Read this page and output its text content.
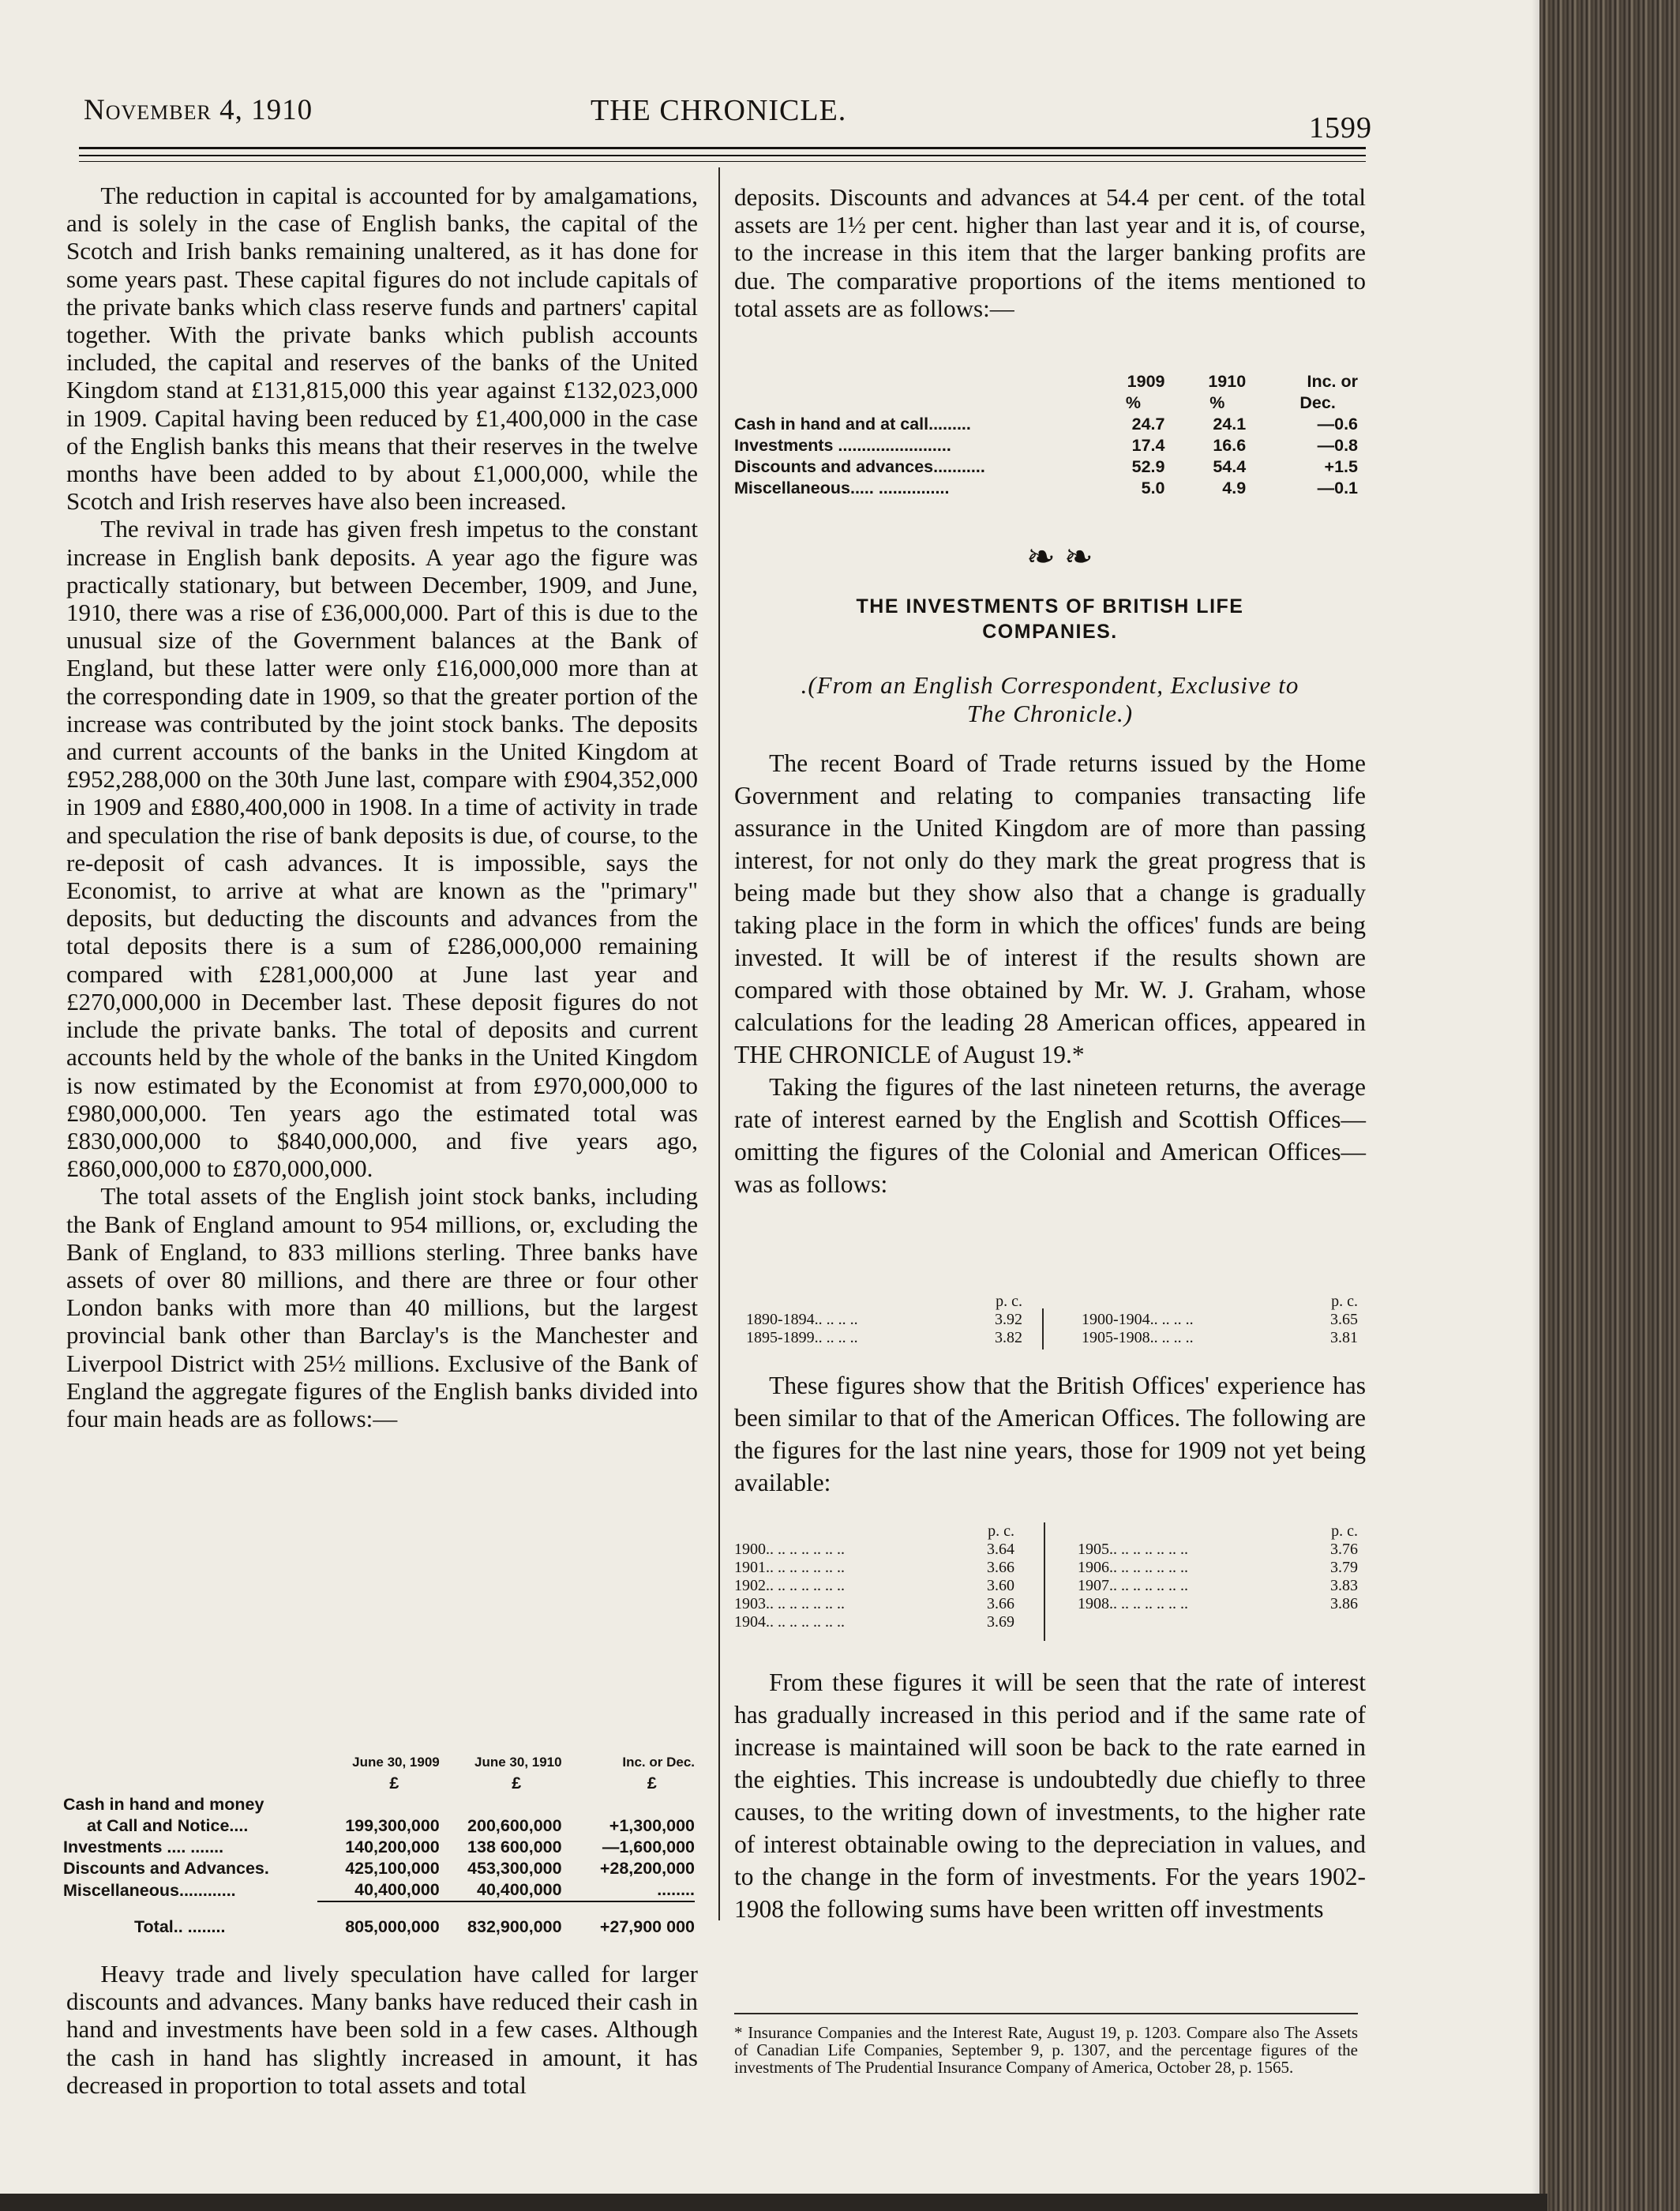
November 4, 1910	THE CHRONICLE.
1599

The reduction in capital is accounted for by amalgamations, and is solely in the case of English banks, the capital of the Scotch and Irish banks remaining unaltered, as it has done for some years past. These capital figures do not include capitals of the private banks which class reserve funds and partners' capital together. With the private banks which publish accounts included, the capital and reserves of the banks of the United Kingdom stand at £131,815,000 this year against £132,023,000 in 1909. Capital having been reduced by £1,400,000 in the case of the English banks this means that their reserves in the twelve months have been added to by about £1,000,000, while the Scotch and Irish reserves have also been increased.

The revival in trade has given fresh impetus to the constant increase in English bank deposits. A year ago the figure was practically stationary, but between December, 1909, and June, 1910, there was a rise of £36,000,000. Part of this is due to the unusual size of the Government balances at the Bank of England, but these latter were only £16,000,000 more than at the corresponding date in 1909, so that the greater portion of the increase was contributed by the joint stock banks. The deposits and current accounts of the banks in the United Kingdom at £952,288,000 on the 30th June last, compare with £904,352,000 in 1909 and £880,400,000 in 1908. In a time of activity in trade and speculation the rise of bank deposits is due, of course, to the re-deposit of cash advances. It is impossible, says the Economist, to arrive at what are known as the "primary" deposits, but deducting the discounts and advances from the total deposits there is a sum of £286,000,000 remaining compared with £281,000,000 at June last year and £270,000,000 in December last. These deposit figures do not include the private banks. The total of deposits and current accounts held by the whole of the banks in the United Kingdom is now estimated by the Economist at from £970,000,000 to £980,000,000. Ten years ago the estimated total was £830,000,000 to $840,000,000, and five years ago, £860,000,000 to £870,000,000.

The total assets of the English joint stock banks, including the Bank of England amount to 954 millions, or, excluding the Bank of England, to 833 millions sterling. Three banks have assets of over 80 millions, and there are three or four other London banks with more than 40 millions, but the largest provincial bank other than Barclay's is the Manchester and Liverpool District with 25½ millions. Exclusive of the Bank of England the aggregate figures of the English banks divided into four main heads are as follows:—

	June 30, 1909	June 30, 1910	Inc. or Dec.
	£	£	£
Cash in hand and money			
at Call and Notice....	199,300,000	200,600,000	+1,300,000
Investments .... .......	140,200,000	138 600,000	—1,600,000
Discounts and Advances.	425,100,000	453,300,000	+28,200,000
Miscellaneous............	40,400,000	40,400,000	........
Total.. ........	805,000,000	832,900,000	+27,900 000

Heavy trade and lively speculation have called for larger discounts and advances. Many banks have reduced their cash in hand and investments have been sold in a few cases. Although the cash in hand has slightly increased in amount, it has decreased in proportion to total assets and total

deposits. Discounts and advances at 54.4 per cent. of the total assets are 1½ per cent. higher than last year and it is, of course, to the increase in this item that the larger banking profits are due. The comparative proportions of the items mentioned to total assets are as follows:—

	1909	1910	Inc. or
	%	%	Dec.
Cash in hand and at call.........	24.7	24.1	—0.6
Investments ........................	17.4	16.6	—0.8
Discounts and advances...........	52.9	54.4	+1.5
Miscellaneous..... ...............	5.0	4.9	—0.1
❧ ❧
THE INVESTMENTS OF BRITISH LIFE
COMPANIES.
.(From an English Correspondent, Exclusive to
The Chronicle.)

The recent Board of Trade returns issued by the Home Government and relating to companies transacting life assurance in the United Kingdom are of more than passing interest, for not only do they mark the great progress that is being made but they show also that a change is gradually taking place in the form in which the offices' funds are being invested. It will be of interest if the results shown are compared with those obtained by Mr. W. J. Graham, whose calculations for the leading 28 American offices, appeared in THE CHRONICLE of August 19.*

Taking the figures of the last nineteen returns, the average rate of interest earned by the English and Scottish Offices—omitting the figures of the Colonial and American Offices—was as follows:

	p. c.
1890-1894.. .. .. ..	3.92
1895-1899.. .. .. ..	3.82
	p. c.
1900-1904.. .. .. ..	3.65
1905-1908.. .. .. ..	3.81

These figures show that the British Offices' experience has been similar to that of the American Offices. The following are the figures for the last nine years, those for 1909 not yet being available:

	p. c.
1900.. .. .. .. .. .. ..	3.64
1901.. .. .. .. .. .. ..	3.66
1902.. .. .. .. .. .. ..	3.60
1903.. .. .. .. .. .. ..	3.66
1904.. .. .. .. .. .. ..	3.69
	p. c.
1905.. .. .. .. .. .. ..	3.76
1906.. .. .. .. .. .. ..	3.79
1907.. .. .. .. .. .. ..	3.83
1908.. .. .. .. .. .. ..	3.86

From these figures it will be seen that the rate of interest has gradually increased in this period and if the same rate of increase is maintained will soon be back to the rate earned in the eighties. This increase is undoubtedly due chiefly to three causes, to the writing down of investments, to the higher rate of interest obtainable owing to the depreciation in values, and to the change in the form of investments. For the years 1902-1908 the following sums have been written off investments

* Insurance Companies and the Interest Rate, August 19, p. 1203. Compare also The Assets of Canadian Life Companies, September 9, p. 1307, and the percentage figures of the investments of The Prudential Insurance Company of America, October 28, p. 1565.
